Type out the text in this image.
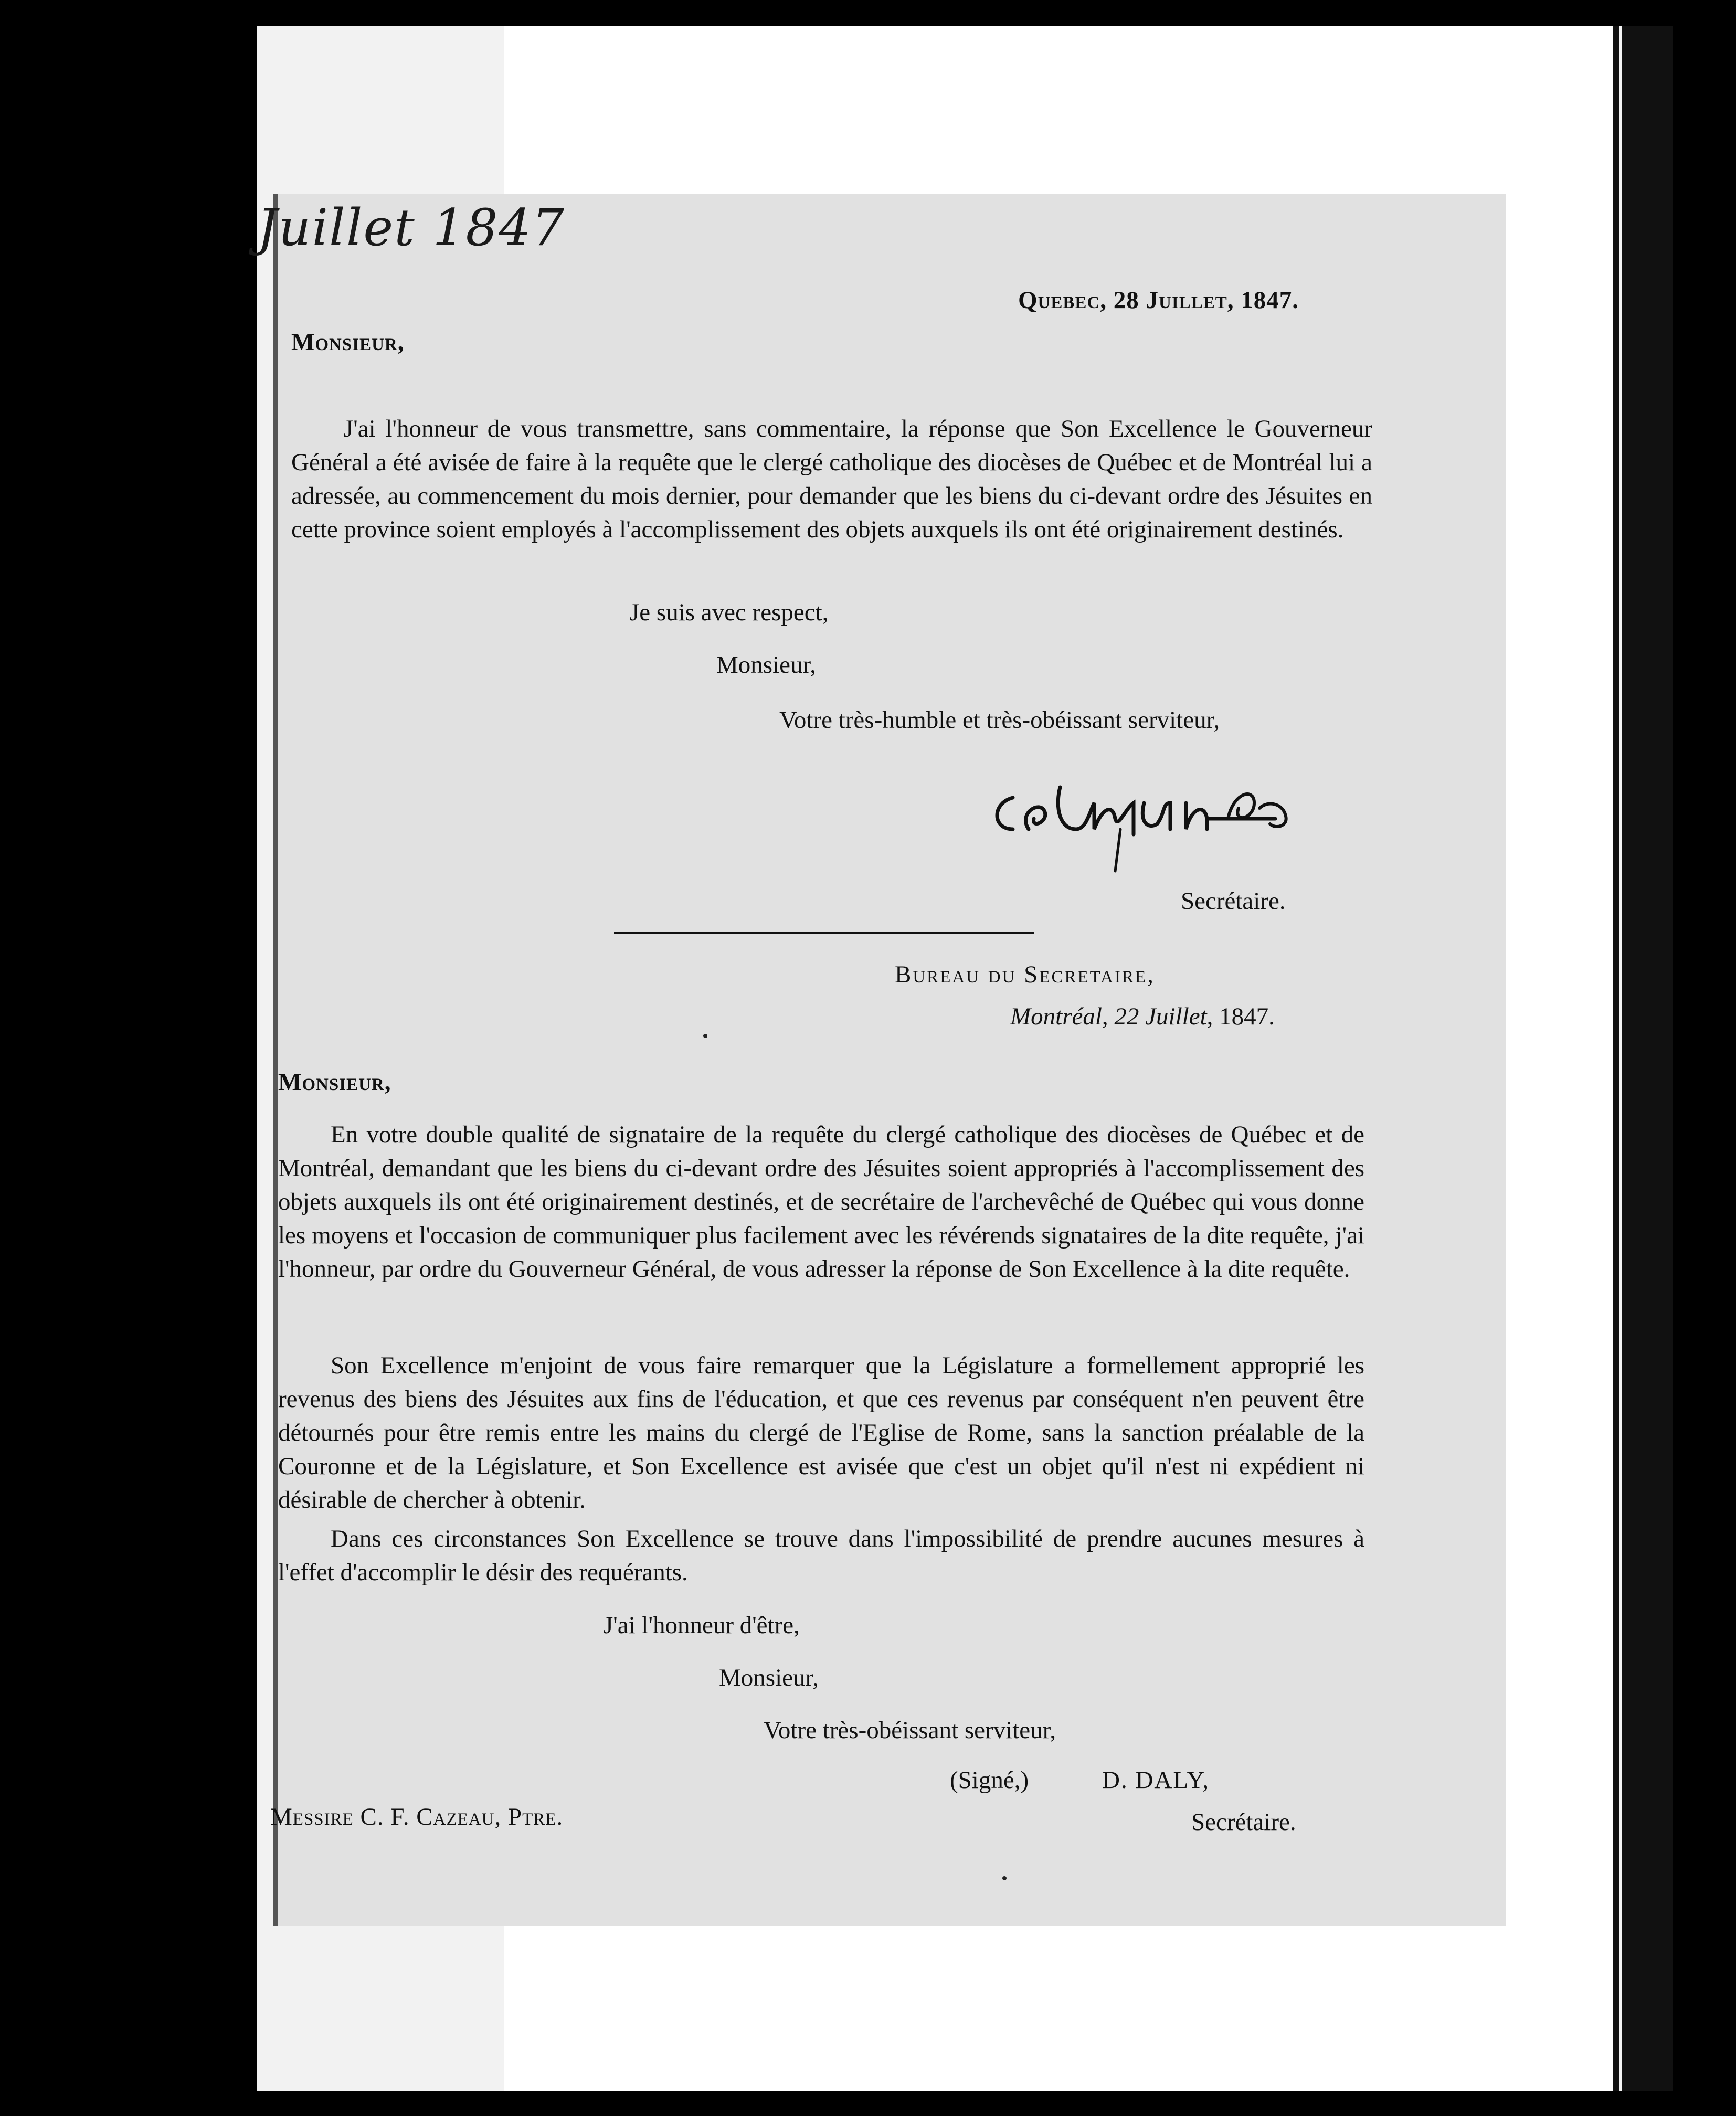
Juillet 1847
Quebec, 28 Juillet, 1847.
Monsieur,
J'ai l'honneur de vous transmettre, sans commentaire, la réponse que Son Excellence le Gouverneur Général a été avisée de faire à la requête que le clergé catholique des diocèses de Québec et de Montréal lui a adressée, au commencement du mois dernier, pour demander que les biens du ci-devant ordre des Jésuites en cette province soient employés à l'accomplissement des objets auxquels ils ont été originairement destinés.
Je suis avec respect,
Monsieur,
Votre très-humble et très-obéissant serviteur,
Secrétaire.
Bureau du Secretaire,
Montréal, 22 Juillet, 1847.
Monsieur,
En votre double qualité de signataire de la requête du clergé catholique des diocèses de Québec et de Montréal, demandant que les biens du ci-devant ordre des Jésuites soient appropriés à l'accomplissement des objets auxquels ils ont été originairement destinés, et de secrétaire de l'archevêché de Québec qui vous donne les moyens et l'occasion de communiquer plus facilement avec les révérends signataires de la dite requête, j'ai l'honneur, par ordre du Gouverneur Général, de vous adresser la réponse de Son Excellence à la dite requête.
Son Excellence m'enjoint de vous faire remarquer que la Législature a formellement approprié les revenus des biens des Jésuites aux fins de l'éducation, et que ces revenus par conséquent n'en peuvent être détournés pour être remis entre les mains du clergé de l'Eglise de Rome, sans la sanction préalable de la Couronne et de la Législature, et Son Excellence est avisée que c'est un objet qu'il n'est ni expédient ni désirable de chercher à obtenir.
Dans ces circonstances Son Excellence se trouve dans l'impossibilité de prendre aucunes mesures à l'effet d'accomplir le désir des requérants.
J'ai l'honneur d'être,
Monsieur,
Votre très-obéissant serviteur,
(Signé,)	D. DALY,
Secrétaire.
Messire C. F. Cazeau, Ptre.
